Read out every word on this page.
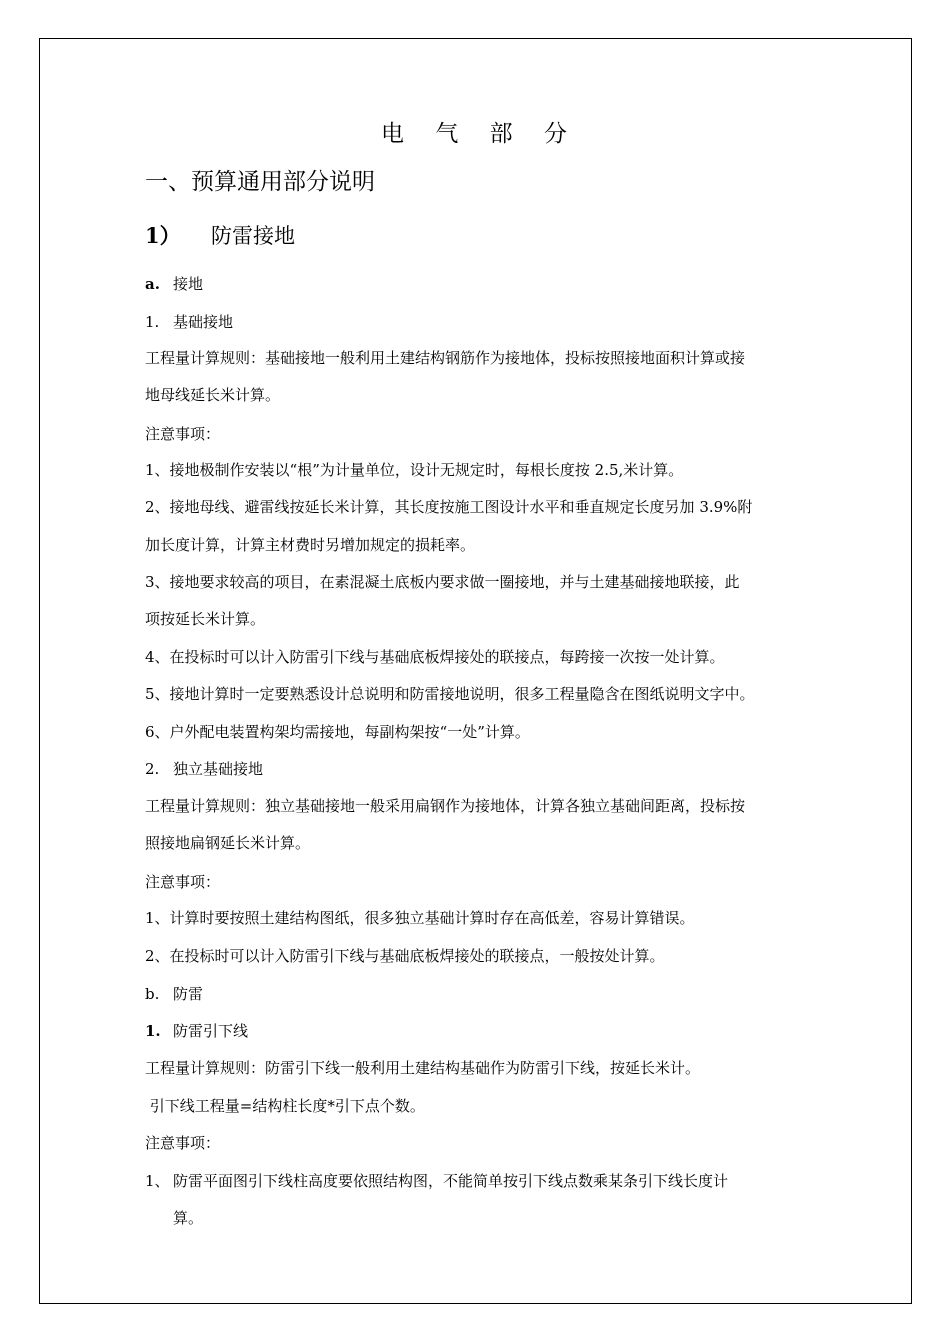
电 气 部 分
一、预算通用部分说明
1） 防雷接地
a. 接地
1. 基础接地
工程量计算规则：基础接地一般利用土建结构钢筋作为接地体，投标按照接地面积计算或接
地母线延长米计算。
注意事项：
1、接地极制作安装以“根”为计量单位，设计无规定时，每根长度按 2.5,米计算。
2、接地母线、避雷线按延长米计算，其长度按施工图设计水平和垂直规定长度另加 3.9%附
加长度计算，计算主材费时另增加规定的损耗率。
3、接地要求较高的项目，在素混凝土底板内要求做一圈接地，并与土建基础接地联接，此
项按延长米计算。
4、在投标时可以计入防雷引下线与基础底板焊接处的联接点，每跨接一次按一处计算。
5、接地计算时一定要熟悉设计总说明和防雷接地说明，很多工程量隐含在图纸说明文字中。
6、户外配电装置构架均需接地，每副构架按“一处”计算。
2. 独立基础接地
工程量计算规则：独立基础接地一般采用扁钢作为接地体，计算各独立基础间距离，投标按
照接地扁钢延长米计算。
注意事项：
1、计算时要按照土建结构图纸，很多独立基础计算时存在高低差，容易计算错误。
2、在投标时可以计入防雷引下线与基础底板焊接处的联接点，一般按处计算。
b. 防雷
1. 防雷引下线
工程量计算规则：防雷引下线一般利用土建结构基础作为防雷引下线，按延长米计。
引下线工程量=结构柱长度*引下点个数。
注意事项：
1、 防雷平面图引下线柱高度要依照结构图，不能简单按引下线点数乘某条引下线长度计
算。
